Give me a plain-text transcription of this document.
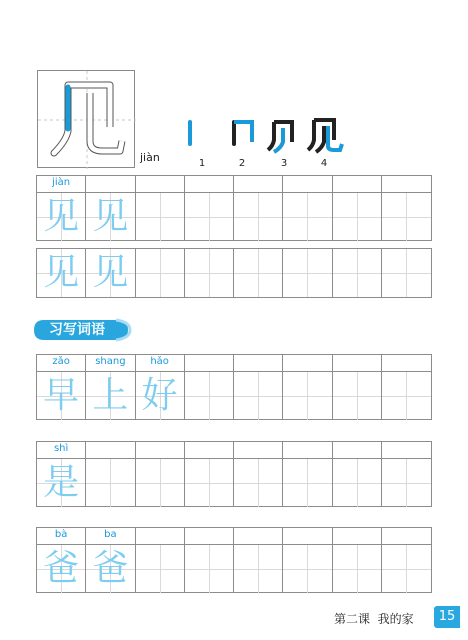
jiàn	1	2	3	4
jiàn
见 见
见 见
习写词语
zǎo	shang	hǎo
早 上 好
shì
是
bà	ba
爸 爸
第二课 我的家	15
